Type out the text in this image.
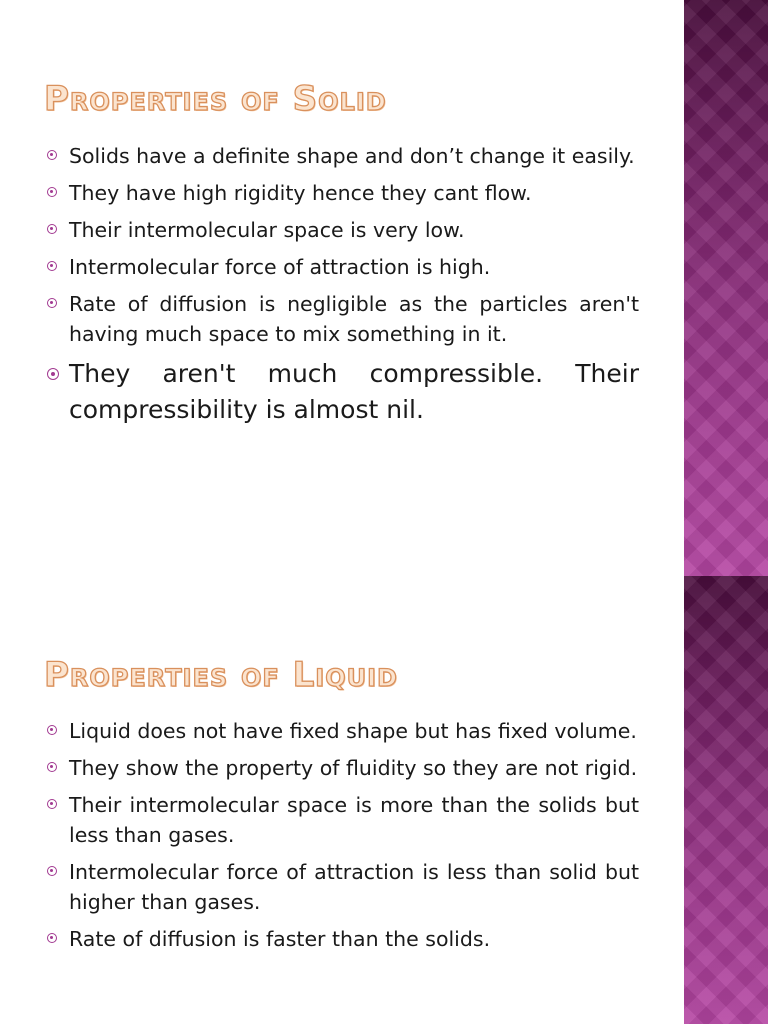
Properties of Solid
Solids have a definite shape and don’t change it easily.
They have high rigidity hence they cant flow.
Their intermolecular space is very low.
Intermolecular force of attraction is high.
Rate of diffusion is negligible as the particles aren't having much space to mix something in it.
They aren't much compressible. Their compressibility is almost nil.
Properties of Liquid
Liquid does not have fixed shape but has fixed volume.
They show the property of fluidity so they are not rigid.
Their intermolecular space is more than the solids but less than gases.
Intermolecular force of attraction is less than solid but higher than gases.
Rate of diffusion is faster than the solids.
